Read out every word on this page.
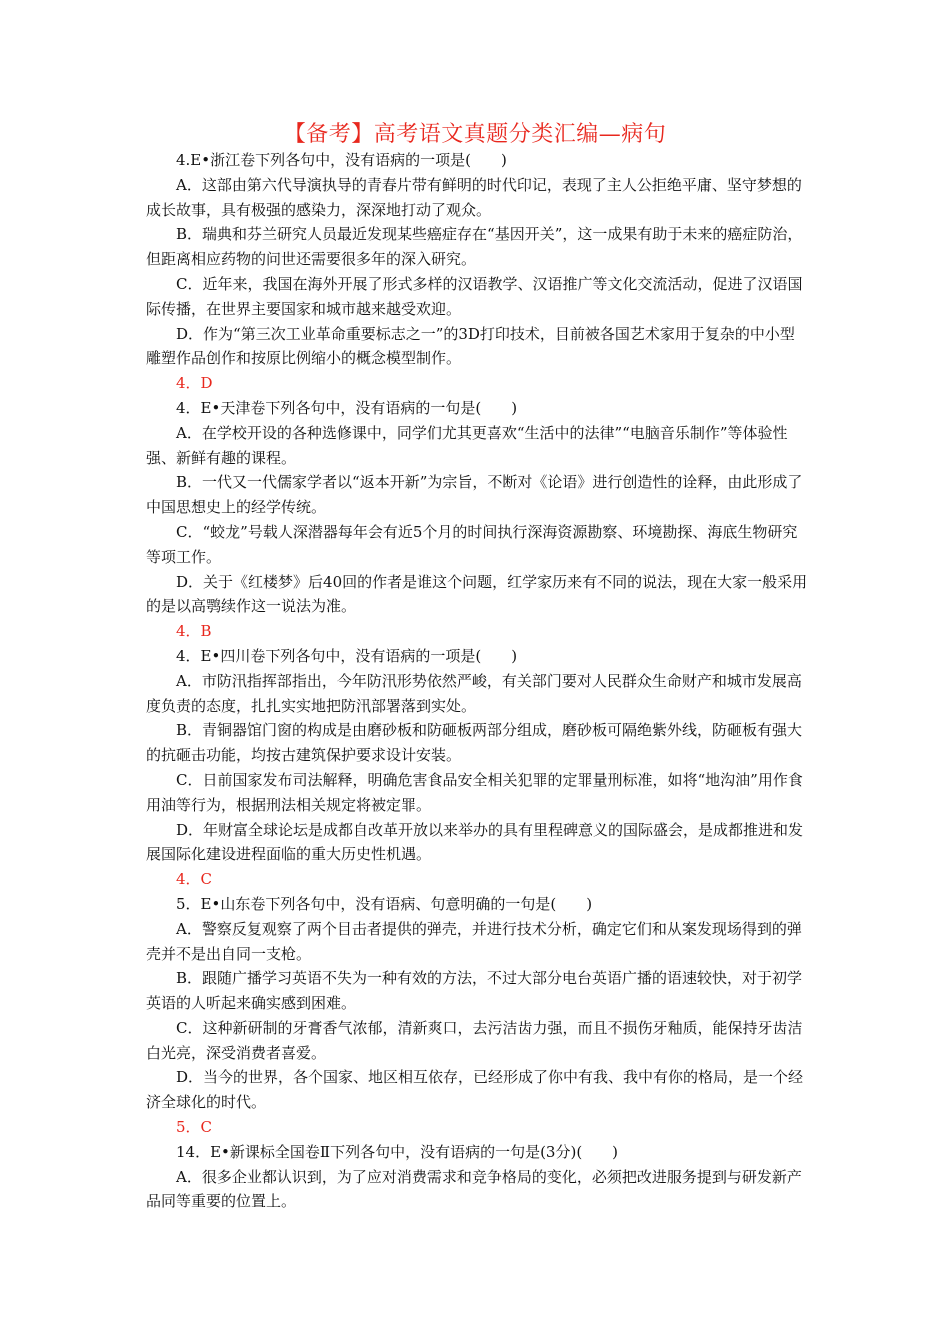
【备考】高考语文真题分类汇编—病句

4.E•浙江卷下列各句中，没有语病的一项是(　　)

A．这部由第六代导演执导的青春片带有鲜明的时代印记，表现了主人公拒绝平庸、坚守梦想的成长故事，具有极强的感染力，深深地打动了观众。

B．瑞典和芬兰研究人员最近发现某些癌症存在“基因开关”，这一成果有助于未来的癌症防治，但距离相应药物的问世还需要很多年的深入研究。

C．近年来，我国在海外开展了形式多样的汉语教学、汉语推广等文化交流活动，促进了汉语国际传播，在世界主要国家和城市越来越受欢迎。

D．作为“第三次工业革命重要标志之一”的3D打印技术，目前被各国艺术家用于复杂的中小型雕塑作品创作和按原比例缩小的概念模型制作。

4．D

4．E•天津卷下列各句中，没有语病的一句是(　　)

A．在学校开设的各种选修课中，同学们尤其更喜欢“生活中的法律”“电脑音乐制作”等体验性强、新鲜有趣的课程。

B．一代又一代儒家学者以“返本开新”为宗旨，不断对《论语》进行创造性的诠释，由此形成了中国思想史上的经学传统。

C．“蛟龙”号载人深潜器每年会有近5个月的时间执行深海资源勘察、环境勘探、海底生物研究等项工作。

D．关于《红楼梦》后40回的作者是谁这个问题，红学家历来有不同的说法，现在大家一般采用的是以高鹗续作这一说法为准。

4．B

4．E•四川卷下列各句中，没有语病的一项是(　　)

A．市防汛指挥部指出，今年防汛形势依然严峻，有关部门要对人民群众生命财产和城市发展高度负责的态度，扎扎实实地把防汛部署落到实处。

B．青铜器馆门窗的构成是由磨砂板和防砸板两部分组成，磨砂板可隔绝紫外线，防砸板有强大的抗砸击功能，均按古建筑保护要求设计安装。

C．日前国家发布司法解释，明确危害食品安全相关犯罪的定罪量刑标准，如将“地沟油”用作食用油等行为，根据刑法相关规定将被定罪。

D．年财富全球论坛是成都自改革开放以来举办的具有里程碑意义的国际盛会，是成都推进和发展国际化建设进程面临的重大历史性机遇。

4．C

5．E•山东卷下列各句中，没有语病、句意明确的一句是(　　)

A．警察反复观察了两个目击者提供的弹壳，并进行技术分析，确定它们和从案发现场得到的弹壳并不是出自同一支枪。

B．跟随广播学习英语不失为一种有效的方法，不过大部分电台英语广播的语速较快，对于初学英语的人听起来确实感到困难。

C．这种新研制的牙膏香气浓郁，清新爽口，去污洁齿力强，而且不损伤牙釉质，能保持牙齿洁白光亮，深受消费者喜爱。

D．当今的世界，各个国家、地区相互依存，已经形成了你中有我、我中有你的格局，是一个经济全球化的时代。

5．C

14．E•新课标全国卷Ⅱ下列各句中，没有语病的一句是(3分)(　　)

A．很多企业都认识到，为了应对消费需求和竞争格局的变化，必须把改进服务提到与研发新产品同等重要的位置上。
